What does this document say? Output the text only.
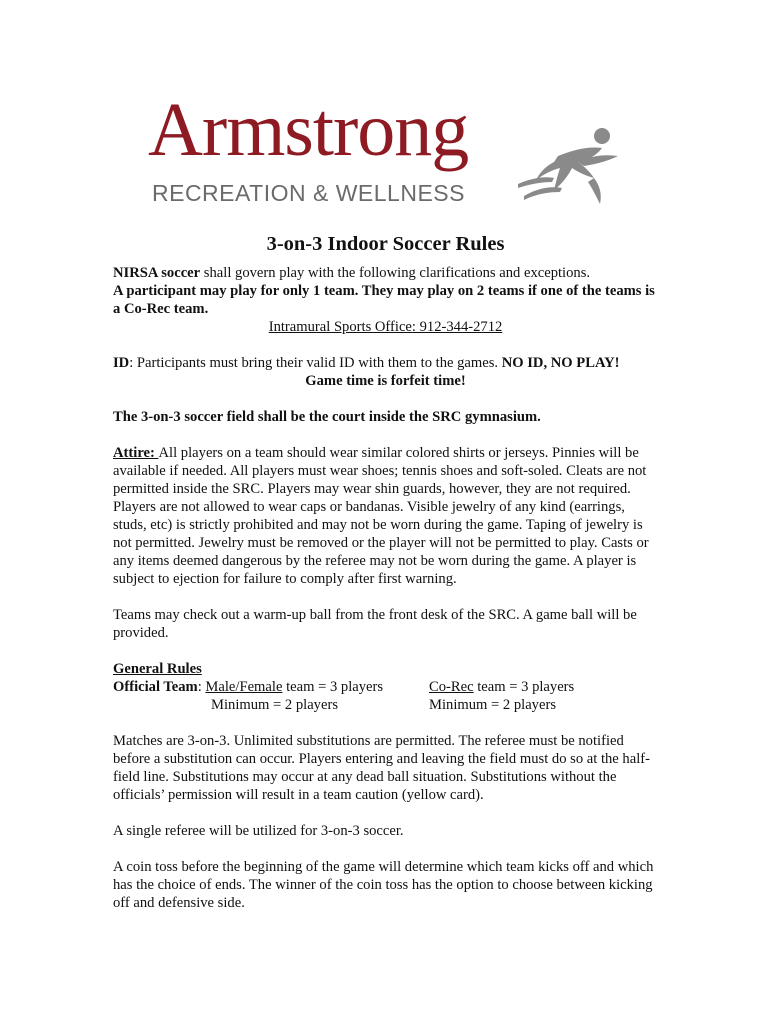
Armstrong
RECREATION & WELLNESS
3-on-3 Indoor Soccer Rules

NIRSA soccer shall govern play with the following clarifications and exceptions.

A participant may play for only 1 team. They may play on 2 teams if one of the teams is a Co-Rec team.

Intramural Sports Office: 912-344-2712

ID: Participants must bring their valid ID with them to the games. NO ID, NO PLAY!

Game time is forfeit time!

The 3-on-3 soccer field shall be the court inside the SRC gymnasium.

Attire: All players on a team should wear similar colored shirts or jerseys. Pinnies will be available if needed. All players must wear shoes; tennis shoes and soft-soled. Cleats are not permitted inside the SRC. Players may wear shin guards, however, they are not required. Players are not allowed to wear caps or bandanas. Visible jewelry of any kind (earrings, studs, etc) is strictly prohibited and may not be worn during the game. Taping of jewelry is not permitted. Jewelry must be removed or the player will not be permitted to play. Casts or any items deemed dangerous by the referee may not be worn during the game. A player is subject to ejection for failure to comply after first warning.

Teams may check out a warm-up ball from the front desk of the SRC. A game ball will be provided.

General Rules

Official Team: Male/Female team = 3 players	Co-Rec team = 3 players
Minimum = 2 players	Minimum = 2 players

Matches are 3-on-3. Unlimited substitutions are permitted. The referee must be notified before a substitution can occur. Players entering and leaving the field must do so at the half-field line. Substitutions may occur at any dead ball situation. Substitutions without the officials’ permission will result in a team caution (yellow card).

A single referee will be utilized for 3-on-3 soccer.

A coin toss before the beginning of the game will determine which team kicks off and which has the choice of ends. The winner of the coin toss has the option to choose between kicking off and defensive side.
